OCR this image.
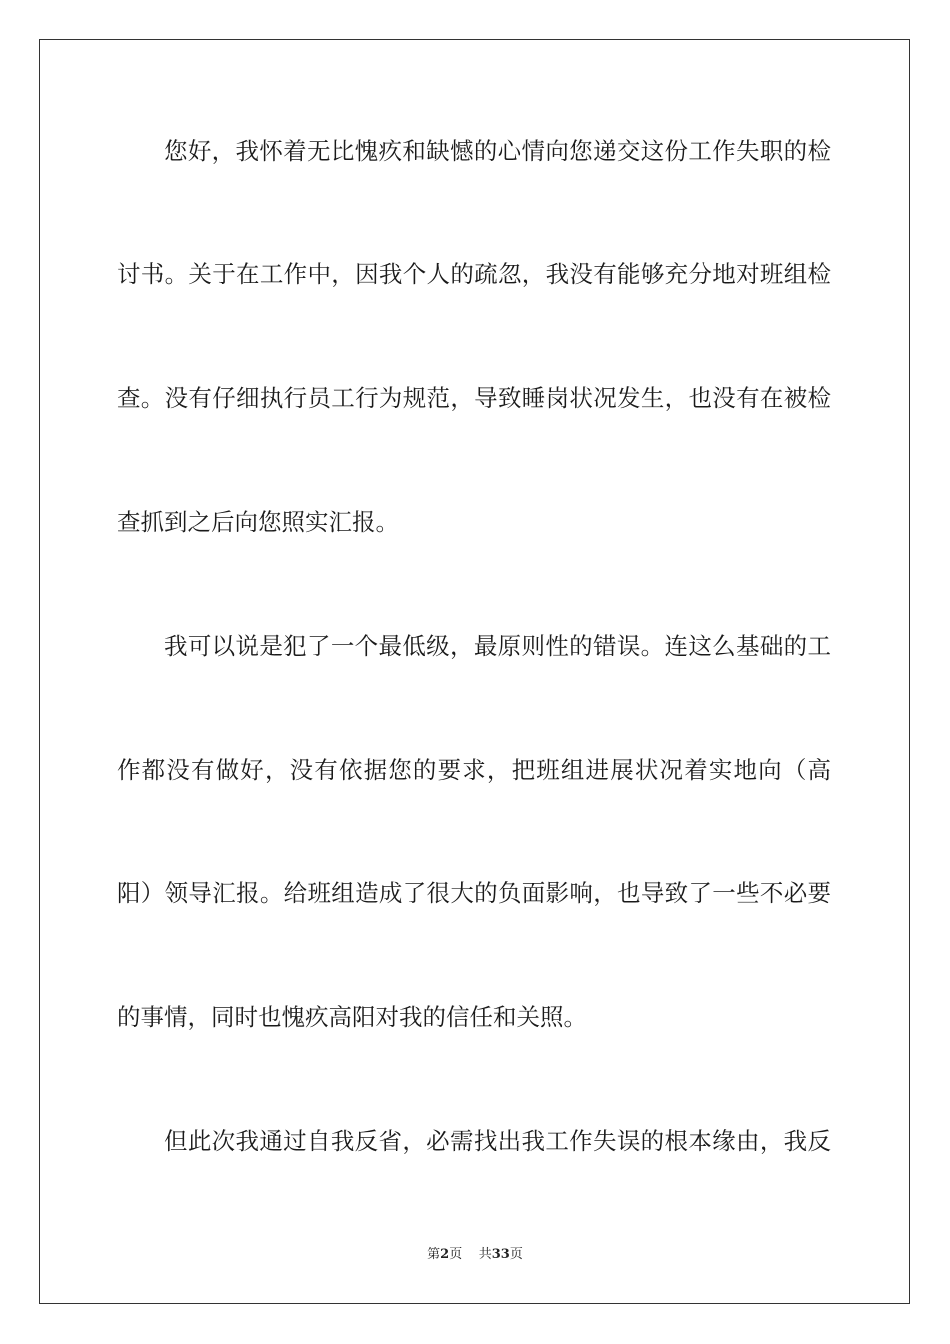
您好，我怀着无比愧疚和缺憾的心情向您递交这份工作失职的检
讨书。关于在工作中，因我个人的疏忽，我没有能够充分地对班组检
查。没有仔细执行员工行为规范，导致睡岗状况发生，也没有在被检
查抓到之后向您照实汇报。
我可以说是犯了一个最低级，最原则性的错误。连这么基础的工
作都没有做好，没有依据您的要求，把班组进展状况着实地向（高
阳）领导汇报。给班组造成了很大的负面影响，也导致了一些不必要
的事情，同时也愧疚高阳对我的信任和关照。
但此次我通过自我反省，必需找出我工作失误的根本缘由，我反
第2页 共33页
